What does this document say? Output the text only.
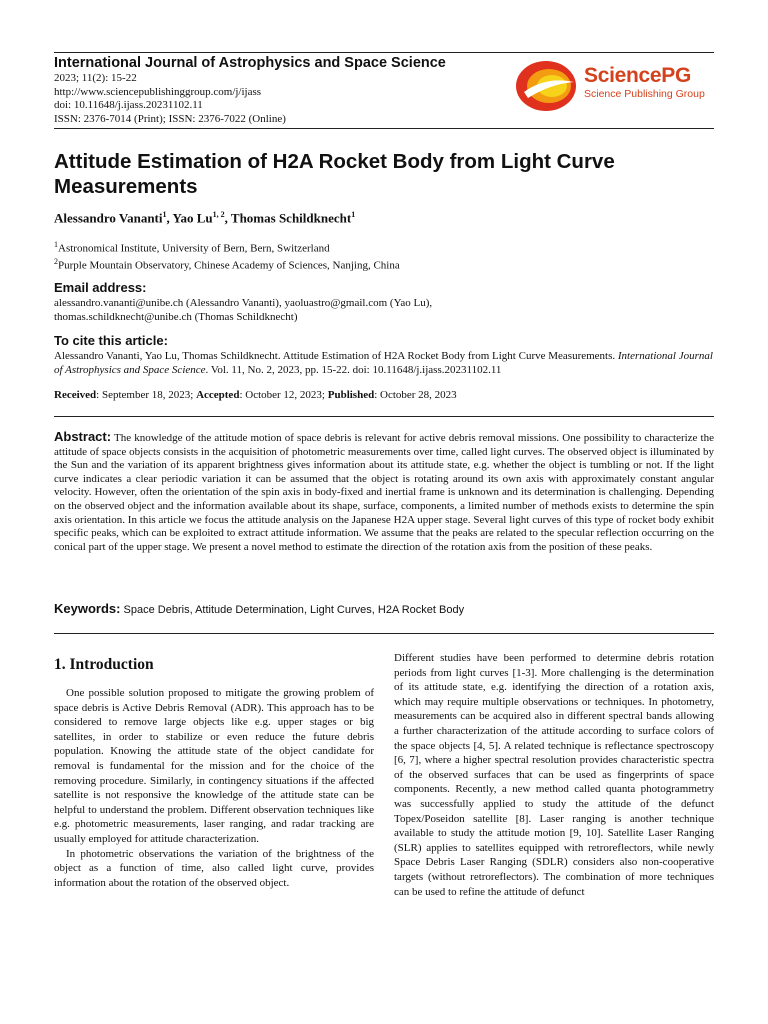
International Journal of Astrophysics and Space Science
2023; 11(2): 15-22
http://www.sciencepublishinggroup.com/j/ijass
doi: 10.11648/j.ijass.20231102.11
ISSN: 2376-7014 (Print); ISSN: 2376-7022 (Online)
SciencePG
Science Publishing Group
Attitude Estimation of H2A Rocket Body from Light Curve Measurements
Alessandro Vananti$^1$, Yao Lu$^{1, 2}$, Thomas Schildknecht$^1$
$^1$Astronomical Institute, University of Bern, Bern, Switzerland
$^2$Purple Mountain Observatory, Chinese Academy of Sciences, Nanjing, China
Email address:
alessandro.vananti@unibe.ch (Alessandro Vananti), yaoluastro@gmail.com (Yao Lu),
thomas.schildknecht@unibe.ch (Thomas Schildknecht)
To cite this article:

Alessandro Vananti, Yao Lu, Thomas Schildknecht. Attitude Estimation of H2A Rocket Body from Light Curve Measurements. International Journal of Astrophysics and Space Science. Vol. 11, No. 2, 2023, pp. 15-22. doi: 10.11648/j.ijass.20231102.11

Received: September 18, 2023; Accepted: October 12, 2023; Published: October 28, 2023

Abstract: The knowledge of the attitude motion of space debris is relevant for active debris removal missions. One possibility to characterize the attitude of space objects consists in the acquisition of photometric measurements over time, called light curves. The observed object is illuminated by the Sun and the variation of its apparent brightness gives information about its attitude state, e.g. whether the object is tumbling or not. If the light curve indicates a clear periodic variation it can be assumed that the object is rotating around its own axis with approximately constant angular velocity. However, often the orientation of the spin axis in body-fixed and inertial frame is unknown and its determination is challenging. Depending on the observed object and the information available about its shape, surface, components, a limited number of methods exists to determine the spin axis orientation. In this article we focus the attitude analysis on the Japanese H2A upper stage. Several light curves of this type of rocket body exhibit specific peaks, which can be exploited to extract attitude information. We assume that the peaks are related to the specular reflection occurring on the conical part of the upper stage. We present a novel method to estimate the direction of the rotation axis from the position of these peaks.

Keywords: Space Debris, Attitude Determination, Light Curves, H2A Rocket Body
1. Introduction

One possible solution proposed to mitigate the growing problem of space debris is Active Debris Removal (ADR). This approach has to be considered to remove large objects like e.g. upper stages or big satellites, in order to stabilize or even reduce the future debris population. Knowing the attitude state of the object candidate for removal is fundamental for the mission and for the choice of the removing procedure. Similarly, in contingency situations if the affected satellite is not responsive the knowledge of the attitude state can be helpful to understand the problem. Different observation techniques like e.g. photometric measurements, laser ranging, and radar tracking are usually employed for attitude characterization.

In photometric observations the variation of the brightness of the object as a function of time, also called light curve, provides information about the rotation of the observed object.

Different studies have been performed to determine debris rotation periods from light curves [1-3]. More challenging is the determination of its attitude state, e.g. identifying the direction of a rotation axis, which may require multiple observations or techniques. In photometry, measurements can be acquired also in different spectral bands allowing a further characterization of the attitude according to surface colors of the space objects [4, 5]. A related technique is reflectance spectroscopy [6, 7], where a higher spectral resolution provides characteristic spectra of the observed surfaces that can be used as fingerprints of space components. Recently, a new method called quanta photogrammetry was successfully applied to study the attitude of the defunct Topex/Poseidon satellite [8]. Laser ranging is another technique available to study the attitude motion [9, 10]. Satellite Laser Ranging (SLR) applies to satellites equipped with retroreflectors, while newly Space Debris Laser Ranging (SDLR) considers also non-cooperative targets (without retroreflectors). The combination of more techniques can be used to refine the attitude of defunct
